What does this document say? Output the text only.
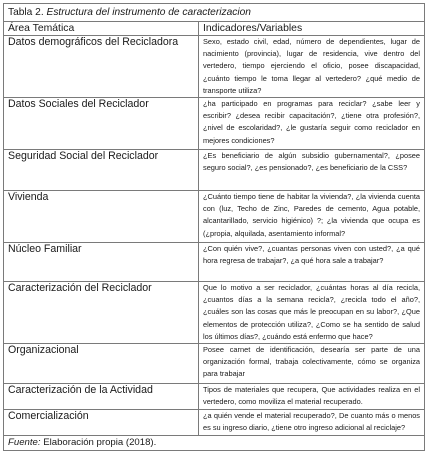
Tabla 2. Estructura del instrumento de caracterizacion	
Área Temática	Indicadores/Variables
Datos demográficos del Recicladora	Sexo, estado civil, edad, número de dependientes, lugar de nacimiento (provincia), lugar de residencia, vive dentro del vertedero, tiempo ejerciendo el oficio, posee discapacidad, ¿cuánto tiempo le toma llegar al vertedero? ¿qué medio de transporte utiliza?
Datos Sociales del Reciclador	¿ha participado en programas para reciclar? ¿sabe leer y escribir? ¿desea recibir capacitación?, ¿tiene otra profesión?, ¿nivel de escolaridad?, ¿le gustaría seguir como reciclador en mejores condiciones?
Seguridad Social del Reciclador	¿Es beneficiario de algún subsidio gubernamental?, ¿posee seguro social?, ¿es pensionado?, ¿es beneficiario de la CSS?
Vivienda	¿Cuánto tiempo tiene de habitar la vivienda?, ¿la vivienda cuenta con (luz, Techo de Zinc, Paredes de cemento, Agua potable, alcantarillado, servicio higiénico) ?; ¿la vivienda que ocupa es (¿propia, alquilada, asentamiento informal?
Núcleo Familiar	¿Con quién vive?, ¿cuantas personas viven con usted?, ¿a qué hora regresa de trabajar?, ¿a qué hora sale a trabajar?
Caracterización del Reciclador	Que lo motivo a ser reciclador, ¿cuántas horas al día recicla, ¿cuantos días a la semana recicla?, ¿recicla todo el año?, ¿cuáles son las cosas que más le preocupan en su labor?, ¿Que elementos de protección utiliza?, ¿Como se ha sentido de salud los últimos días?, ¿cuándo está enfermo que hace?
Organizacional	Posee carnet de identificación, desearía ser parte de una organización formal, trabaja colectivamente, cómo se organiza para trabajar
Caracterización de la Actividad	Tipos de materiales que recupera, Que actividades realiza en el vertedero, como moviliza el material recuperado.
Comercialización	¿a quién vende el material recuperado?, De cuanto más o menos es su ingreso diario, ¿tiene otro ingreso adicional al reciclaje?
Fuente: Elaboración propia (2018).	
